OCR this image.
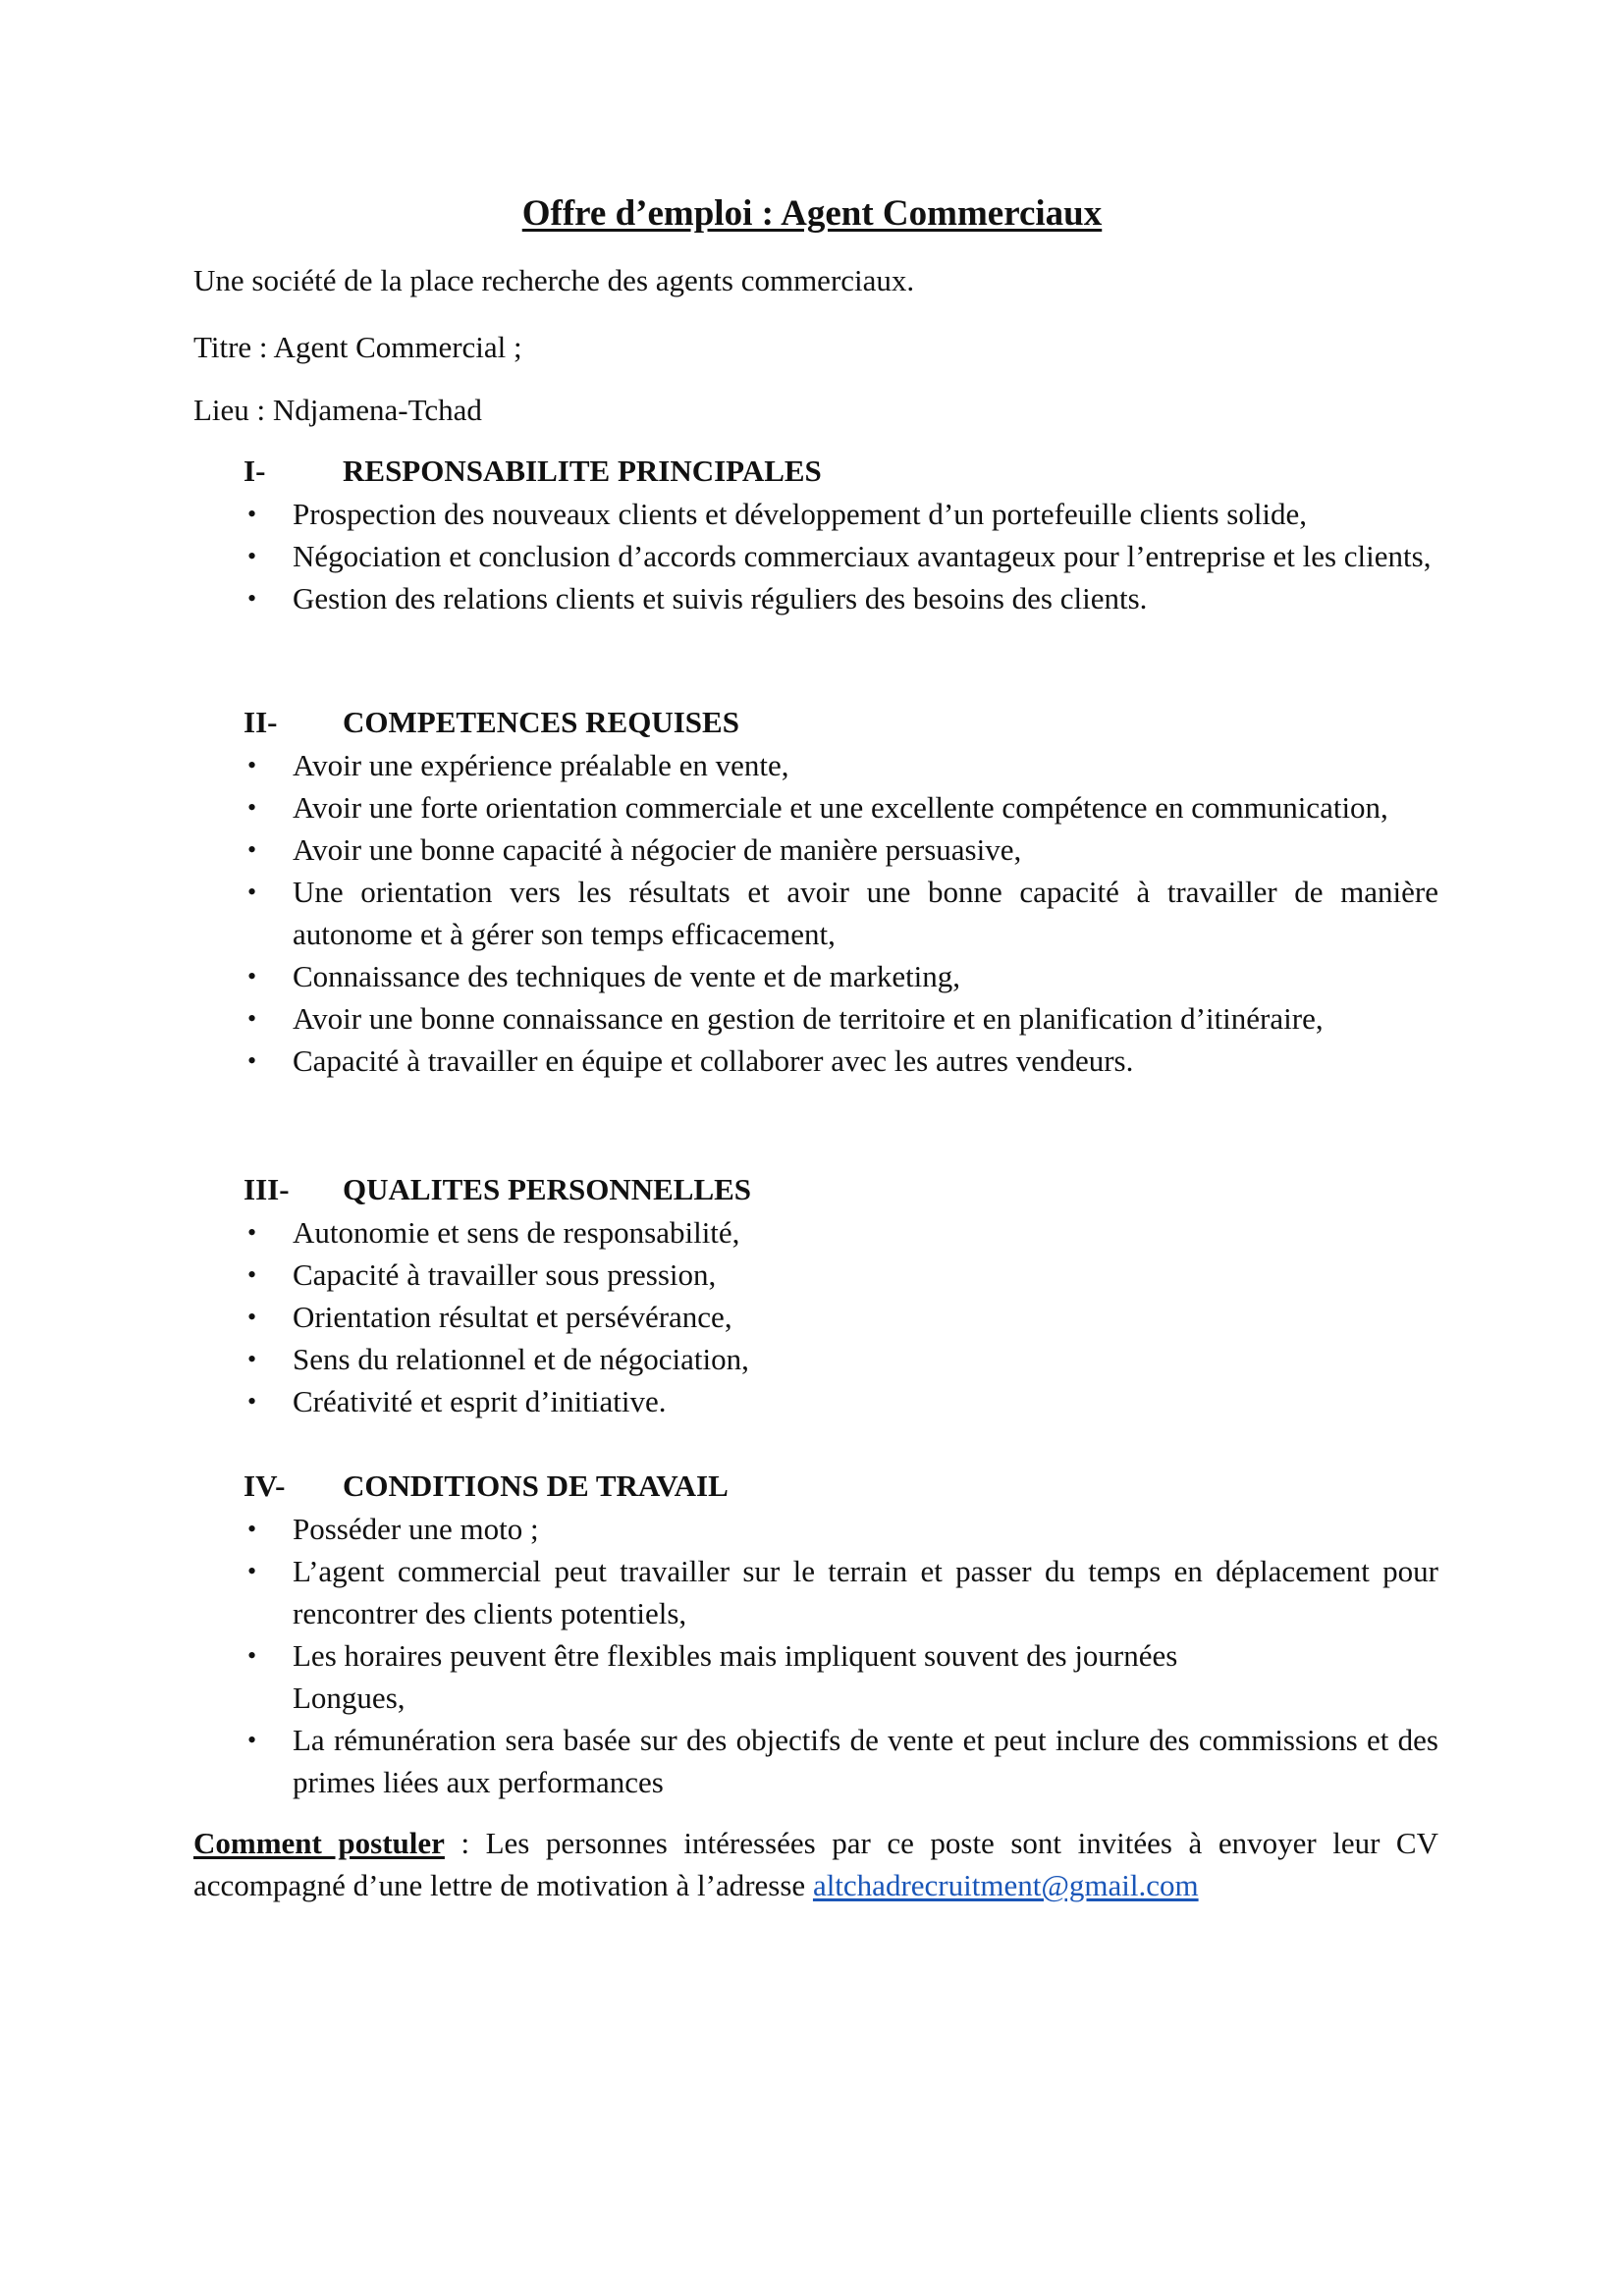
Offre d’emploi : Agent Commerciaux
Une société de la place recherche des agents commerciaux.
Titre : Agent Commercial ;
Lieu : Ndjamena-Tchad
I-	RESPONSABILITE PRINCIPALES
• Prospection des nouveaux clients et développement d’un portefeuille clients solide,
• Négociation et conclusion d’accords commerciaux avantageux pour l’entreprise et les clients,
• Gestion des relations clients et suivis réguliers des besoins des clients.
II- COMPETENCES REQUISES
• Avoir une expérience préalable en vente,
• Avoir une forte orientation commerciale et une excellente compétence en communication,
• Avoir une bonne capacité à négocier de manière persuasive,
• Une orientation vers les résultats et avoir une bonne capacité à travailler de manière autonome et à gérer son temps efficacement,
• Connaissance des techniques de vente et de marketing,
• Avoir une bonne connaissance en gestion de territoire et en planification d’itinéraire,
• Capacité à travailler en équipe et collaborer avec les autres vendeurs.
III- QUALITES PERSONNELLES
• Autonomie et sens de responsabilité,
• Capacité à travailler sous pression,
• Orientation résultat et persévérance,
• Sens du relationnel et de négociation,
• Créativité et esprit d’initiative.
IV- CONDITIONS DE TRAVAIL
• Posséder une moto ;
• L’agent commercial peut travailler sur le terrain et passer du temps en déplacement pour rencontrer des clients potentiels,
• Les horaires peuvent être flexibles mais impliquent souvent des journées
Longues,
• La rémunération sera basée sur des objectifs de vente et peut inclure des commissions et des primes liées aux performances
Comment postuler : Les personnes intéressées par ce poste sont invitées à envoyer leur CV accompagné d’une lettre de motivation à l’adresse altchadrecruitment@gmail.com
